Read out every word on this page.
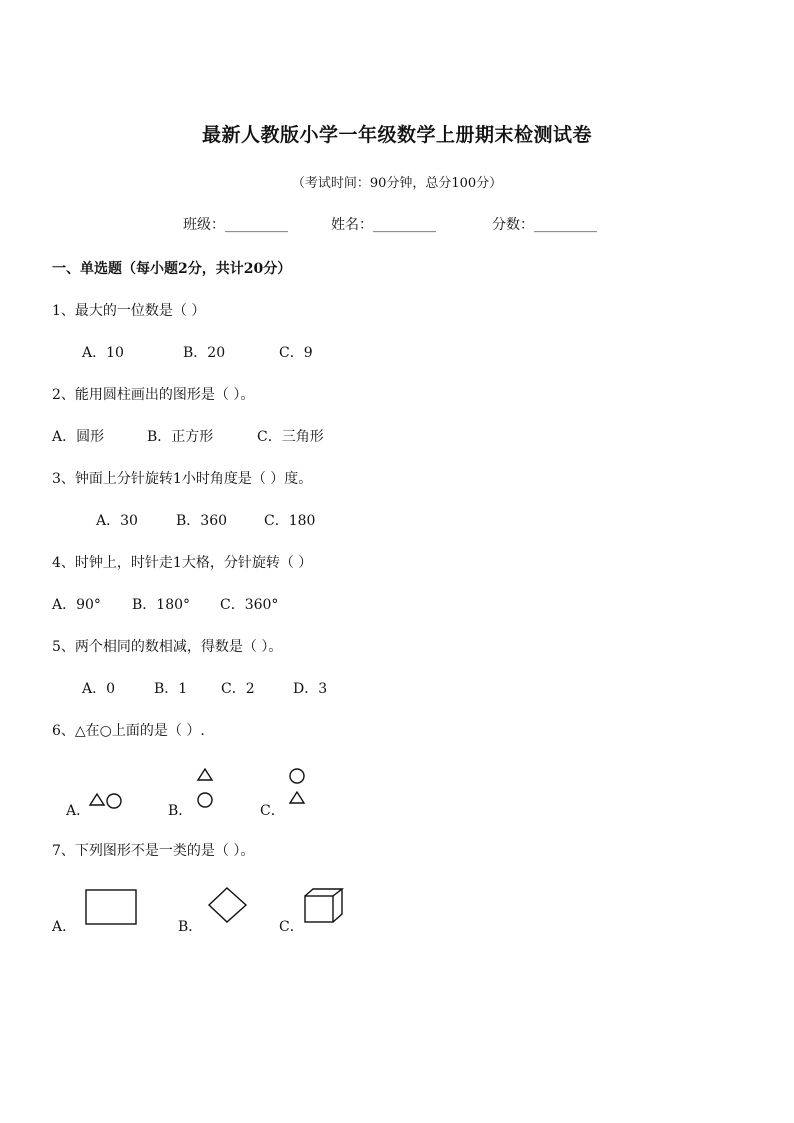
最新人教版小学一年级数学上册期末检测试卷
（考试时间：90分钟，总分100分）
班级：_________	姓名：_________	分数：_________
一、单选题（每小题2分，共计20分）
1、最大的一位数是（ ）
A．10	B．20	C．9
2、能用圆柱画出的图形是（ ）。
A．圆形	B．正方形	C．三角形
3、钟面上分针旋转1小时角度是（ ）度。
A．30	B．360	C．180
4、时钟上，时针走1大格，分针旋转（ ）
A．90° B．180° C．360°
5、两个相同的数相减，得数是（ ）。
A．0	B．1 C．2	D．3
6、△在○上面的是（ ）.
A．	B．	C．
7、下列图形不是一类的是（ ）。
A．	B．	C．
